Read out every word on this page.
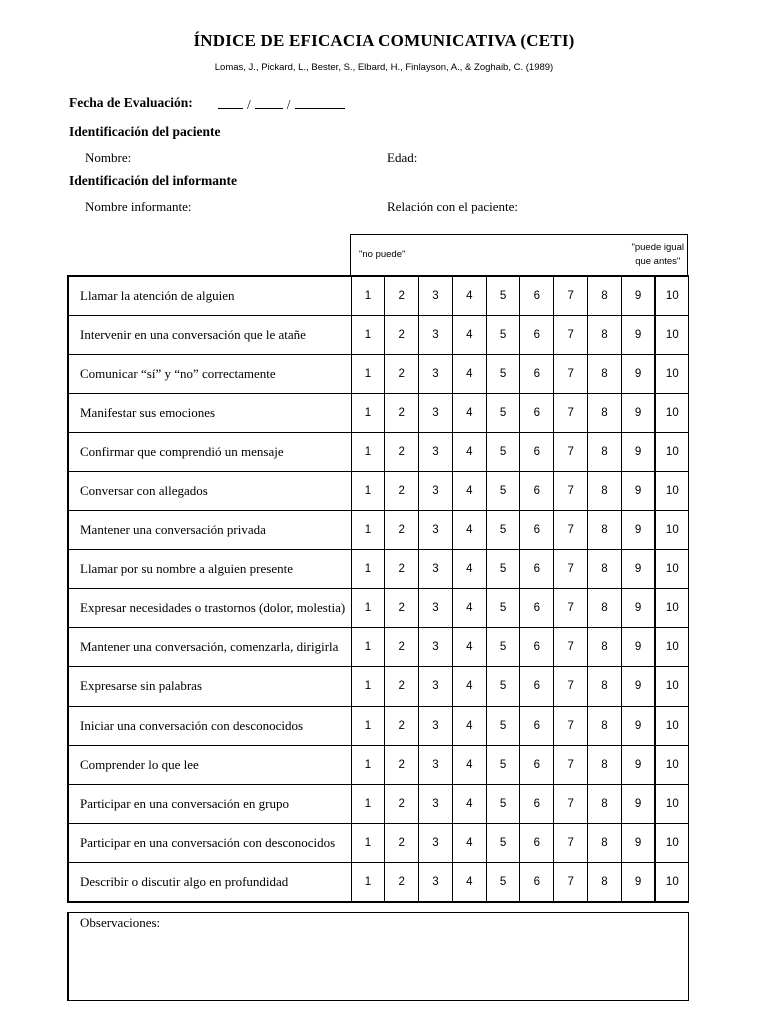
ÍNDICE DE EFICACIA COMUNICATIVA (CETI)
Lomas, J., Pickard, L., Bester, S., Elbard, H., Finlayson, A., & Zoghaib, C. (1989)
Fecha de Evaluación:	/	/
Identificación del paciente
Nombre:	Edad:
Identificación del informante
Nombre informante:	Relación con el paciente:
"no puede"
"puede igual
que antes"
Llamar la atención de alguien	1	2	3	4	5	6	7	8	9	10
Intervenir en una conversación que le atañe	1	2	3	4	5	6	7	8	9	10
Comunicar “sí” y “no” correctamente	1	2	3	4	5	6	7	8	9	10
Manifestar sus emociones	1	2	3	4	5	6	7	8	9	10
Confirmar que comprendió un mensaje	1	2	3	4	5	6	7	8	9	10
Conversar con allegados	1	2	3	4	5	6	7	8	9	10
Mantener una conversación privada	1	2	3	4	5	6	7	8	9	10
Llamar por su nombre a alguien presente	1	2	3	4	5	6	7	8	9	10
Expresar necesidades o trastornos (dolor, molestia)	1	2	3	4	5	6	7	8	9	10
Mantener una conversación, comenzarla, dirigirla	1	2	3	4	5	6	7	8	9	10
Expresarse sin palabras	1	2	3	4	5	6	7	8	9	10
Iniciar una conversación con desconocidos	1	2	3	4	5	6	7	8	9	10
Comprender lo que lee	1	2	3	4	5	6	7	8	9	10
Participar en una conversación en grupo	1	2	3	4	5	6	7	8	9	10
Participar en una conversación con desconocidos	1	2	3	4	5	6	7	8	9	10
Describir o discutir algo en profundidad	1	2	3	4	5	6	7	8	9	10
Observaciones:
